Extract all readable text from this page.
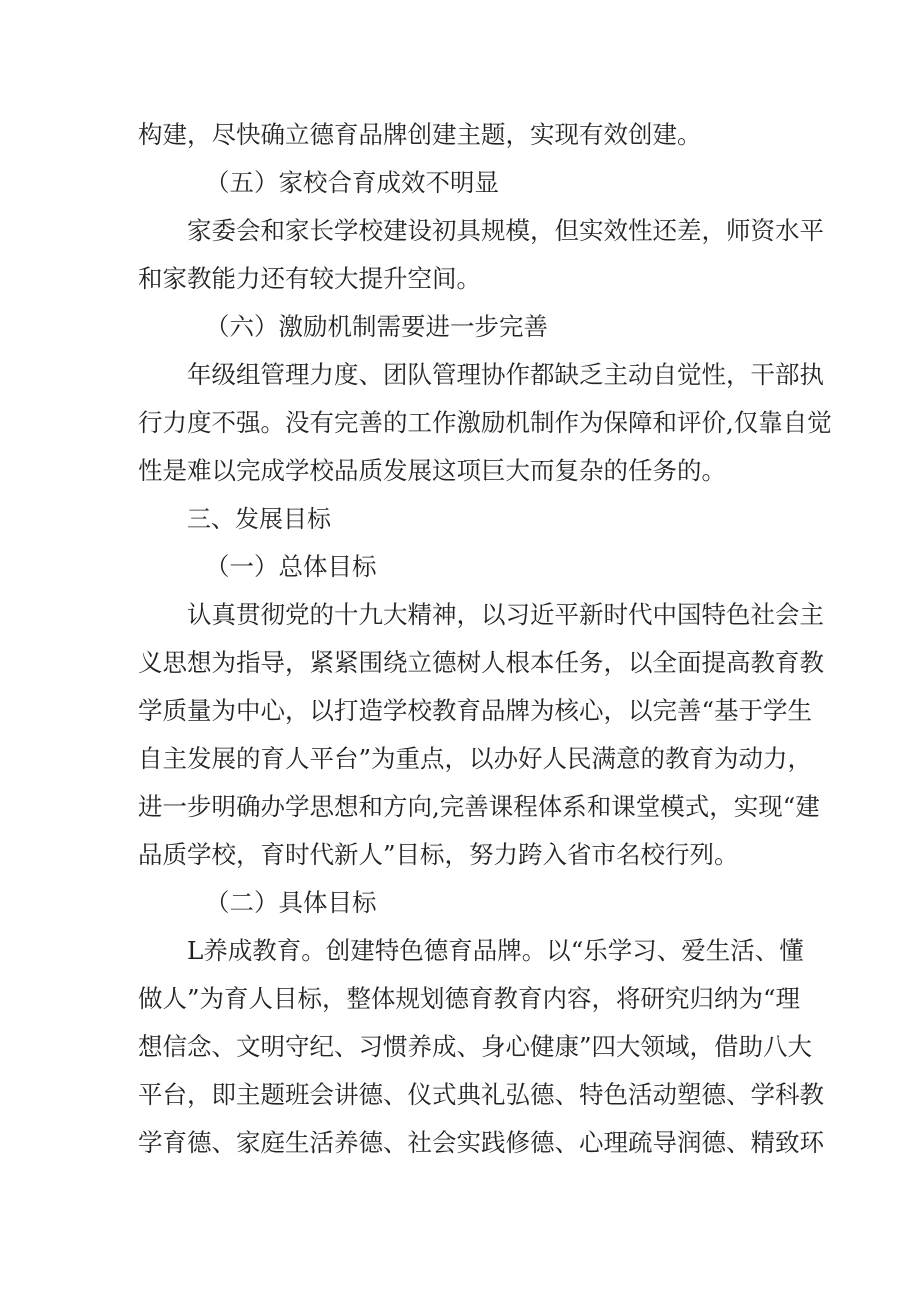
构建，尽快确立德育品牌创建主题，实现有效创建。
（五）家校合育成效不明显
家委会和家长学校建设初具规模，但实效性还差，师资水平
和家教能力还有较大提升空间。
（六）激励机制需要进一步完善
年级组管理力度、团队管理协作都缺乏主动自觉性，干部执
行力度不强。没有完善的工作激励机制作为保障和评价,仅靠自觉
性是难以完成学校品质发展这项巨大而复杂的任务的。
三、发展目标
（一）总体目标
认真贯彻党的十九大精神，以习近平新时代中国特色社会主
义思想为指导，紧紧围绕立德树人根本任务，以全面提高教育教
学质量为中心，以打造学校教育品牌为核心，以完善“基于学生
自主发展的育人平台”为重点，以办好人民满意的教育为动力，
进一步明确办学思想和方向,完善课程体系和课堂模式，实现“建
品质学校，育时代新人”目标，努力跨入省市名校行列。
（二）具体目标
L养成教育。创建特色德育品牌。以“乐学习、爱生活、懂
做人”为育人目标，整体规划德育教育内容，将研究归纳为“理
想信念、文明守纪、习惯养成、身心健康”四大领域，借助八大
平台，即主题班会讲德、仪式典礼弘德、特色活动塑德、学科教
学育德、家庭生活养德、社会实践修德、心理疏导润德、精致环
